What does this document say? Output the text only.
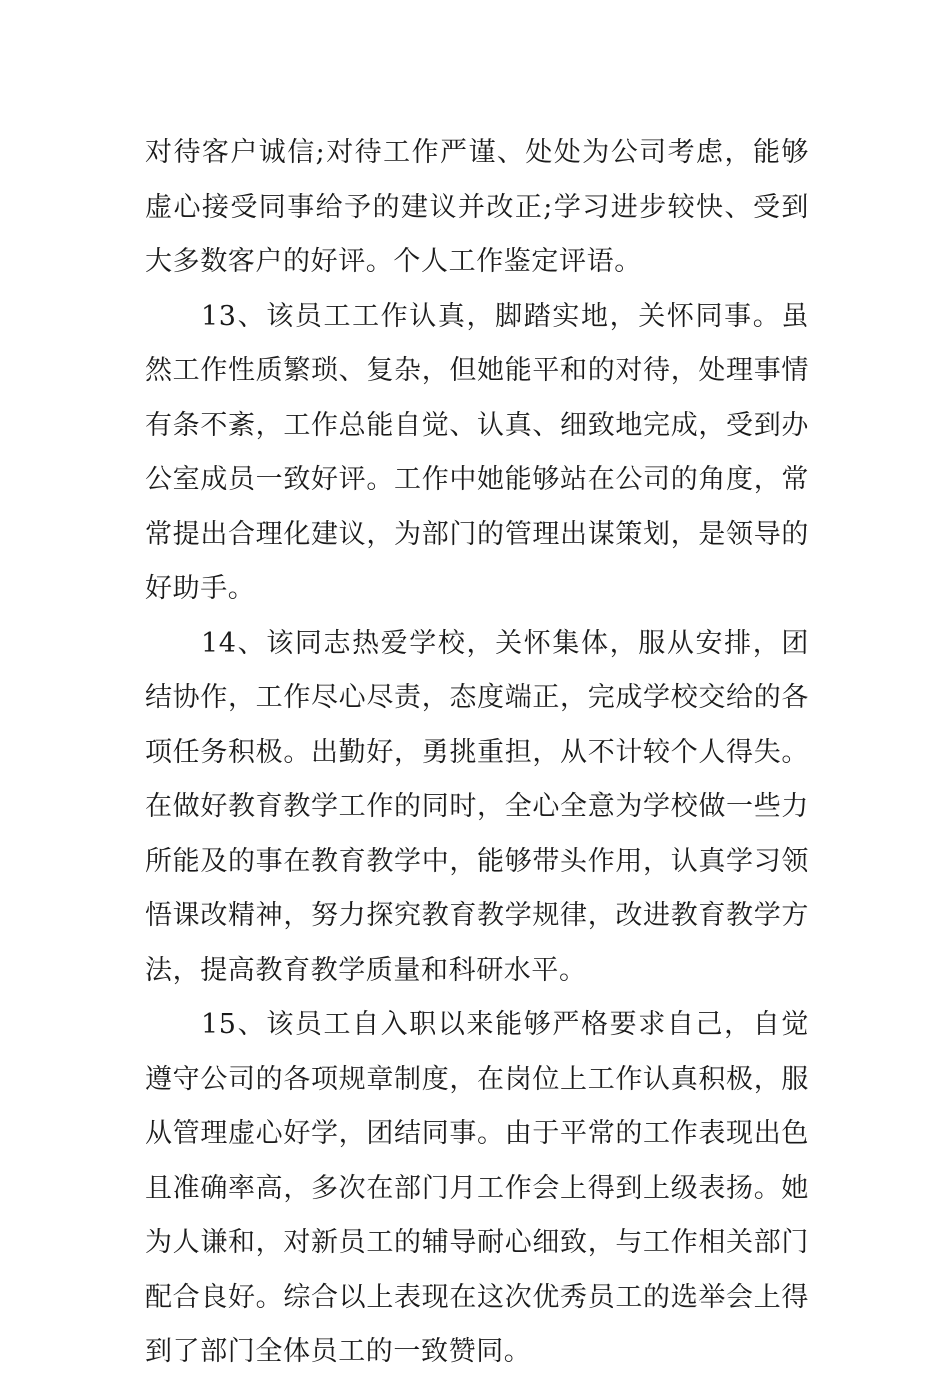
对待客户诚信;对待工作严谨、处处为公司考虑，能够虚心接受同事给予的建议并改正;学习进步较快、受到大多数客户的好评。个人工作鉴定评语。

13、该员工工作认真，脚踏实地，关怀同事。虽然工作性质繁琐、复杂，但她能平和的对待，处理事情有条不紊，工作总能自觉、认真、细致地完成，受到办公室成员一致好评。工作中她能够站在公司的角度，常常提出合理化建议，为部门的管理出谋策划，是领导的好助手。

14、该同志热爱学校，关怀集体，服从安排，团结协作，工作尽心尽责，态度端正，完成学校交给的各项任务积极。出勤好，勇挑重担，从不计较个人得失。在做好教育教学工作的同时，全心全意为学校做一些力所能及的事在教育教学中，能够带头作用，认真学习领悟课改精神，努力探究教育教学规律，改进教育教学方法，提高教育教学质量和科研水平。

15、该员工自入职以来能够严格要求自己，自觉遵守公司的各项规章制度，在岗位上工作认真积极，服从管理虚心好学，团结同事。由于平常的工作表现出色且准确率高，多次在部门月工作会上得到上级表扬。她为人谦和，对新员工的辅导耐心细致，与工作相关部门配合良好。综合以上表现在这次优秀员工的选举会上得到了部门全体员工的一致赞同。
